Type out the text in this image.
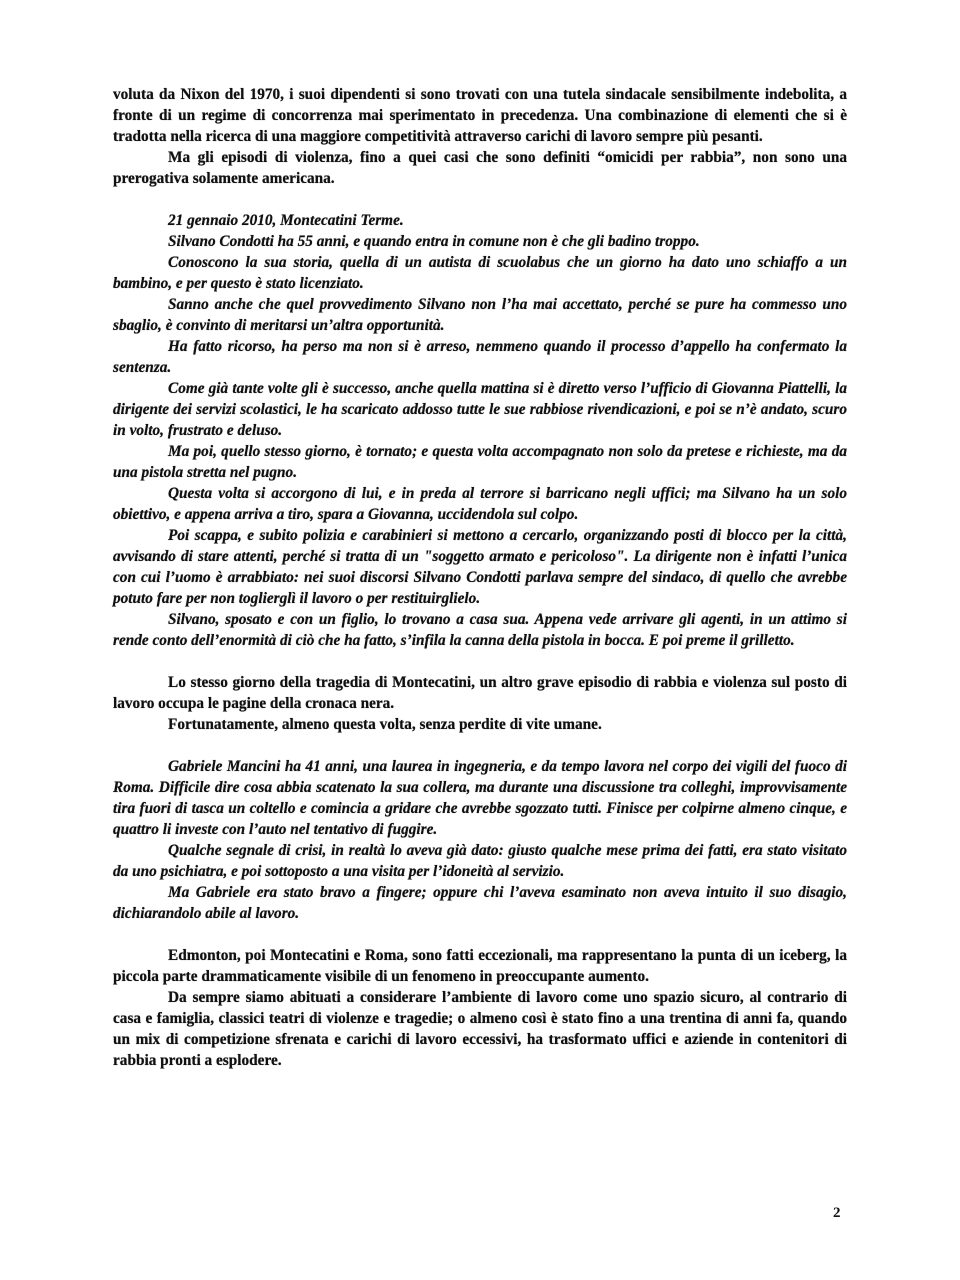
voluta da Nixon del 1970, i suoi dipendenti si sono trovati con una tutela sindacale sensibilmente indebolita, a fronte di un regime di concorrenza mai sperimentato in precedenza. Una combinazione di elementi che si è tradotta nella ricerca di una maggiore competitività attraverso carichi di lavoro sempre più pesanti.

Ma gli episodi di violenza, fino a quei casi che sono definiti “omicidi per rabbia”, non sono una prerogativa solamente americana.

21 gennaio 2010, Montecatini Terme.

Silvano Condotti ha 55 anni, e quando entra in comune non è che gli badino troppo.

Conoscono la sua storia, quella di un autista di scuolabus che un giorno ha dato uno schiaffo a un bambino, e per questo è stato licenziato.

Sanno anche che quel provvedimento Silvano non l’ha mai accettato, perché se pure ha commesso uno sbaglio, è convinto di meritarsi un’altra opportunità.

Ha fatto ricorso, ha perso ma non si è arreso, nemmeno quando il processo d’appello ha confermato la sentenza.

Come già tante volte gli è successo, anche quella mattina si è diretto verso l’ufficio di Giovanna Piattelli, la dirigente dei servizi scolastici, le ha scaricato addosso tutte le sue rabbiose rivendicazioni, e poi se n’è andato, scuro in volto, frustrato e deluso.

Ma poi, quello stesso giorno, è tornato; e questa volta accompagnato non solo da pretese e richieste, ma da una pistola stretta nel pugno.

Questa volta si accorgono di lui, e in preda al terrore si barricano negli uffici; ma Silvano ha un solo obiettivo, e appena arriva a tiro, spara a Giovanna, uccidendola sul colpo.

Poi scappa, e subito polizia e carabinieri si mettono a cercarlo, organizzando posti di blocco per la città, avvisando di stare attenti, perché si tratta di un "soggetto armato e pericoloso". La dirigente non è infatti l’unica con cui l’uomo è arrabbiato: nei suoi discorsi Silvano Condotti parlava sempre del sindaco, di quello che avrebbe potuto fare per non toglierglì il lavoro o per restituirglielo.

Silvano, sposato e con un figlio, lo trovano a casa sua. Appena vede arrivare gli agenti, in un attimo si rende conto dell’enormità di ciò che ha fatto, s’infila la canna della pistola in bocca. E poi preme il grilletto.

Lo stesso giorno della tragedia di Montecatini, un altro grave episodio di rabbia e violenza sul posto di lavoro occupa le pagine della cronaca nera.

Fortunatamente, almeno questa volta, senza perdite di vite umane.

Gabriele Mancini ha 41 anni, una laurea in ingegneria, e da tempo lavora nel corpo dei vigili del fuoco di Roma. Difficile dire cosa abbia scatenato la sua collera, ma durante una discussione tra colleghi, improvvisamente tira fuori di tasca un coltello e comincia a gridare che avrebbe sgozzato tutti. Finisce per colpirne almeno cinque, e quattro li investe con l’auto nel tentativo di fuggire.

Qualche segnale di crisi, in realtà lo aveva già dato: giusto qualche mese prima dei fatti, era stato visitato da uno psichiatra, e poi sottoposto a una visita per l’idoneità al servizio.

Ma Gabriele era stato bravo a fingere; oppure chi l’aveva esaminato non aveva intuito il suo disagio, dichiarandolo abile al lavoro.

Edmonton, poi Montecatini e Roma, sono fatti eccezionali, ma rappresentano la punta di un iceberg, la piccola parte drammaticamente visibile di un fenomeno in preoccupante aumento.

Da sempre siamo abituati a considerare l’ambiente di lavoro come uno spazio sicuro, al contrario di casa e famiglia, classici teatri di violenze e tragedie; o almeno così è stato fino a una trentina di anni fa, quando un mix di competizione sfrenata e carichi di lavoro eccessivi, ha trasformato uffici e aziende in contenitori di rabbia pronti a esplodere.

2
